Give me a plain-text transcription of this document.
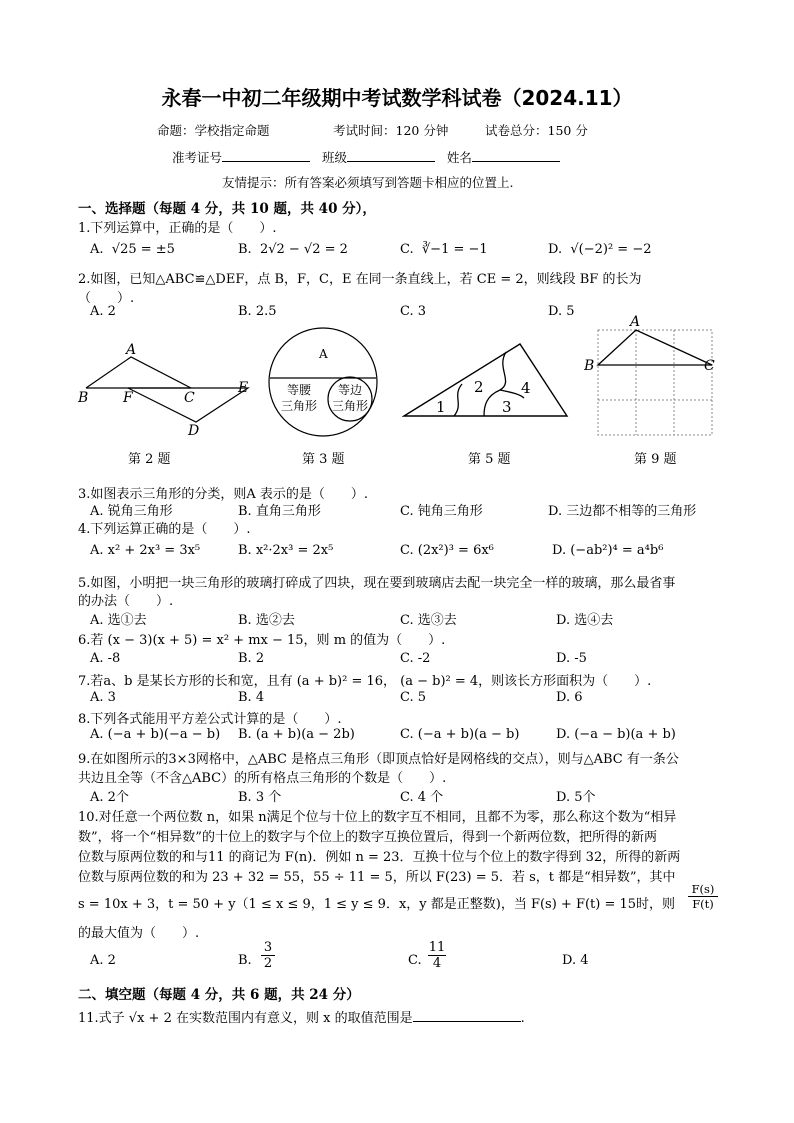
永春一中初二年级期中考试数学科试卷（2024.11）
命题：学校指定命题	考试时间：120 分钟	试卷总分：150 分
准考证号	班级	姓名
友情提示：所有答案必须填写到答题卡相应的位置上.
一、选择题（每题 4 分，共 10 题，共 40 分），
1.下列运算中，正确的是（　　）.
A. √25 = ±5	B. 2√2 − √2 = 2	C. ∛−1 = −1	D. √(−2)² = −2
2.如图，已知△ABC≌△DEF，点 B，F，C，E 在同一条直线上，若 CE = 2，则线段 BF 的长为
（　　）.
A. 2	B. 2.5	C. 3	D. 5
A
B F	C
E
D
A
等腰
三角形
等边
三角形	1
2
3
4
A
B	C
第 2 题	第 3 题	第 5 题	第 9 题
3.如图表示三角形的分类，则A 表示的是（　　）.
A. 锐角三角形	B. 直角三角形	C. 钝角三角形	D. 三边都不相等的三角形
4.下列运算正确的是（　　）.
A. x² + 2x³ = 3x⁵	B. x²·2x³ = 2x⁵	C. (2x²)³ = 6x⁶	D. (−ab²)⁴ = a⁴b⁶
5.如图，小明把一块三角形的玻璃打碎成了四块，现在要到玻璃店去配一块完全一样的玻璃，那么最省事
的办法（　　）.
A. 选①去	B. 选②去	C. 选③去	D. 选④去
6.若 (x − 3)(x + 5) = x² + mx − 15，则 m 的值为（　　）.
A. -8	B. 2	C. -2	D. -5
7.若a、b 是某长方形的长和宽，且有 (a + b)² = 16， (a − b)² = 4，则该长方形面积为（　　）.
A. 3	B. 4	C. 5	D. 6
8.下列各式能用平方差公式计算的是（　　）.
A. (−a + b)(−a − b) B. (a + b)(a − 2b)	C. (−a + b)(a − b)	D. (−a − b)(a + b)
9.在如图所示的3×3网格中，△ABC 是格点三角形（即顶点恰好是网格线的交点），则与△ABC 有一条公
共边且全等（不含△ABC）的所有格点三角形的个数是（　　）.
A. 2个	B. 3 个	C. 4 个	D. 5个
10.对任意一个两位数 n，如果 n满足个位与十位上的数字互不相同，且都不为零，那么称这个数为“相异
数”，将一个“相异数”的十位上的数字与个位上的数字互换位置后，得到一个新两位数，把所得的新两
位数与原两位数的和与11 的商记为 F(n)．例如 n = 23．互换十位与个位上的数字得到 32，所得的新两
位数与原两位数的和为 23 + 32 = 55，55 ÷ 11 = 5，所以 F(23) = 5．若 s，t 都是“相异数”，其中
s = 10x + 3，t = 50 + y（1 ≤ x ≤ 9，1 ≤ y ≤ 9．x，y 都是正整数)，当 F(s) + F(t) = 15时，则
F(s)
F(t)
的最大值为（　　）.
A. 2	B.
3
2	C.
11
4	D. 4
二、填空题（每题 4 分，共 6 题，共 24 分）
11.式子 √x + 2 在实数范围内有意义，则 x 的取值范围是	.
